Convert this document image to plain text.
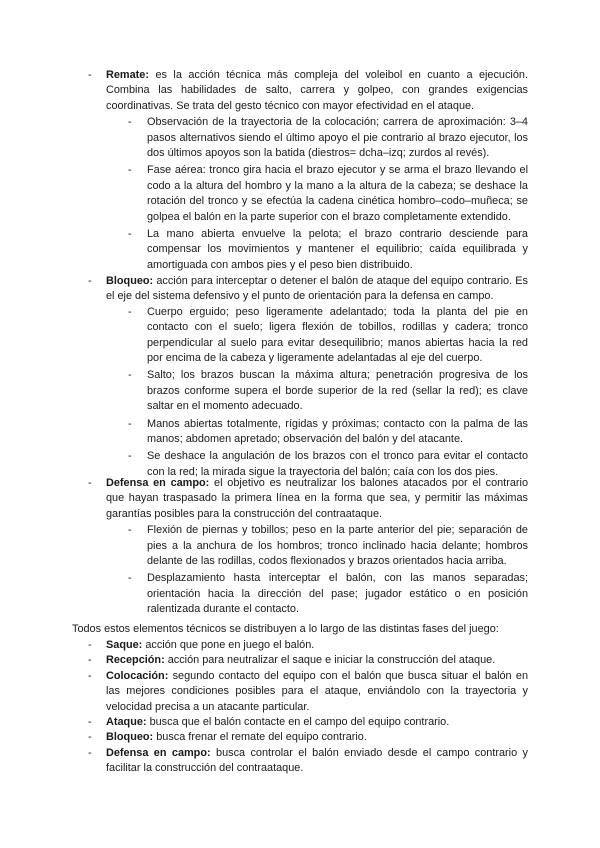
- Remate: es la acción técnica más compleja del voleibol en cuanto a ejecución. Combina las habilidades de salto, carrera y golpeo, con grandes exigencias coordinativas. Se trata del gesto técnico con mayor efectividad en el ataque.
- Observación de la trayectoria de la colocación; carrera de aproximación: 3–4 pasos alternativos siendo el último apoyo el pie contrario al brazo ejecutor, los dos últimos apoyos son la batida (diestros= dcha–izq; zurdos al revés).
- Fase aérea: tronco gira hacia el brazo ejecutor y se arma el brazo llevando el codo a la altura del hombro y la mano a la altura de la cabeza; se deshace la rotación del tronco y se efectúa la cadena cinética hombro–codo–muñeca; se golpea el balón en la parte superior con el brazo completamente extendido.
- La mano abierta envuelve la pelota; el brazo contrario desciende para compensar los movimientos y mantener el equilibrio; caída equilibrada y amortiguada con ambos pies y el peso bien distribuido.
- Bloqueo: acción para interceptar o detener el balón de ataque del equipo contrario. Es el eje del sistema defensivo y el punto de orientación para la defensa en campo.
- Cuerpo erguido; peso ligeramente adelantado; toda la planta del pie en contacto con el suelo; ligera flexión de tobillos, rodillas y cadera; tronco perpendicular al suelo para evitar desequilibrio; manos abiertas hacia la red por encima de la cabeza y ligeramente adelantadas al eje del cuerpo.
- Salto; los brazos buscan la máxima altura; penetración progresiva de los brazos conforme supera el borde superior de la red (sellar la red); es clave saltar en el momento adecuado.
- Manos abiertas totalmente, rígidas y próximas; contacto con la palma de las manos; abdomen apretado; observación del balón y del atacante.
- Se deshace la angulación de los brazos con el tronco para evitar el contacto con la red; la mirada sigue la trayectoria del balón; caía con los dos pies.
- Defensa en campo: el objetivo es neutralizar los balones atacados por el contrario que hayan traspasado la primera línea en la forma que sea, y permitir las máximas garantías posibles para la construcción del contraataque.
- Flexión de piernas y tobillos; peso en la parte anterior del pie; separación de pies a la anchura de los hombros; tronco inclinado hacia delante; hombros delante de las rodillas, codos flexionados y brazos orientados hacia arriba.
- Desplazamiento hasta interceptar el balón, con las manos separadas; orientación hacia la dirección del pase; jugador estático o en posición ralentizada durante el contacto.
Todos estos elementos técnicos se distribuyen a lo largo de las distintas fases del juego:
- Saque: acción que pone en juego el balón.
- Recepción: acción para neutralizar el saque e iniciar la construcción del ataque.
- Colocación: segundo contacto del equipo con el balón que busca situar el balón en las mejores condiciones posibles para el ataque, enviándolo con la trayectoria y velocidad precisa a un atacante particular.
- Ataque: busca que el balón contacte en el campo del equipo contrario.
- Bloqueo: busca frenar el remate del equipo contrario.
- Defensa en campo: busca controlar el balón enviado desde el campo contrario y facilitar la construcción del contraataque.
